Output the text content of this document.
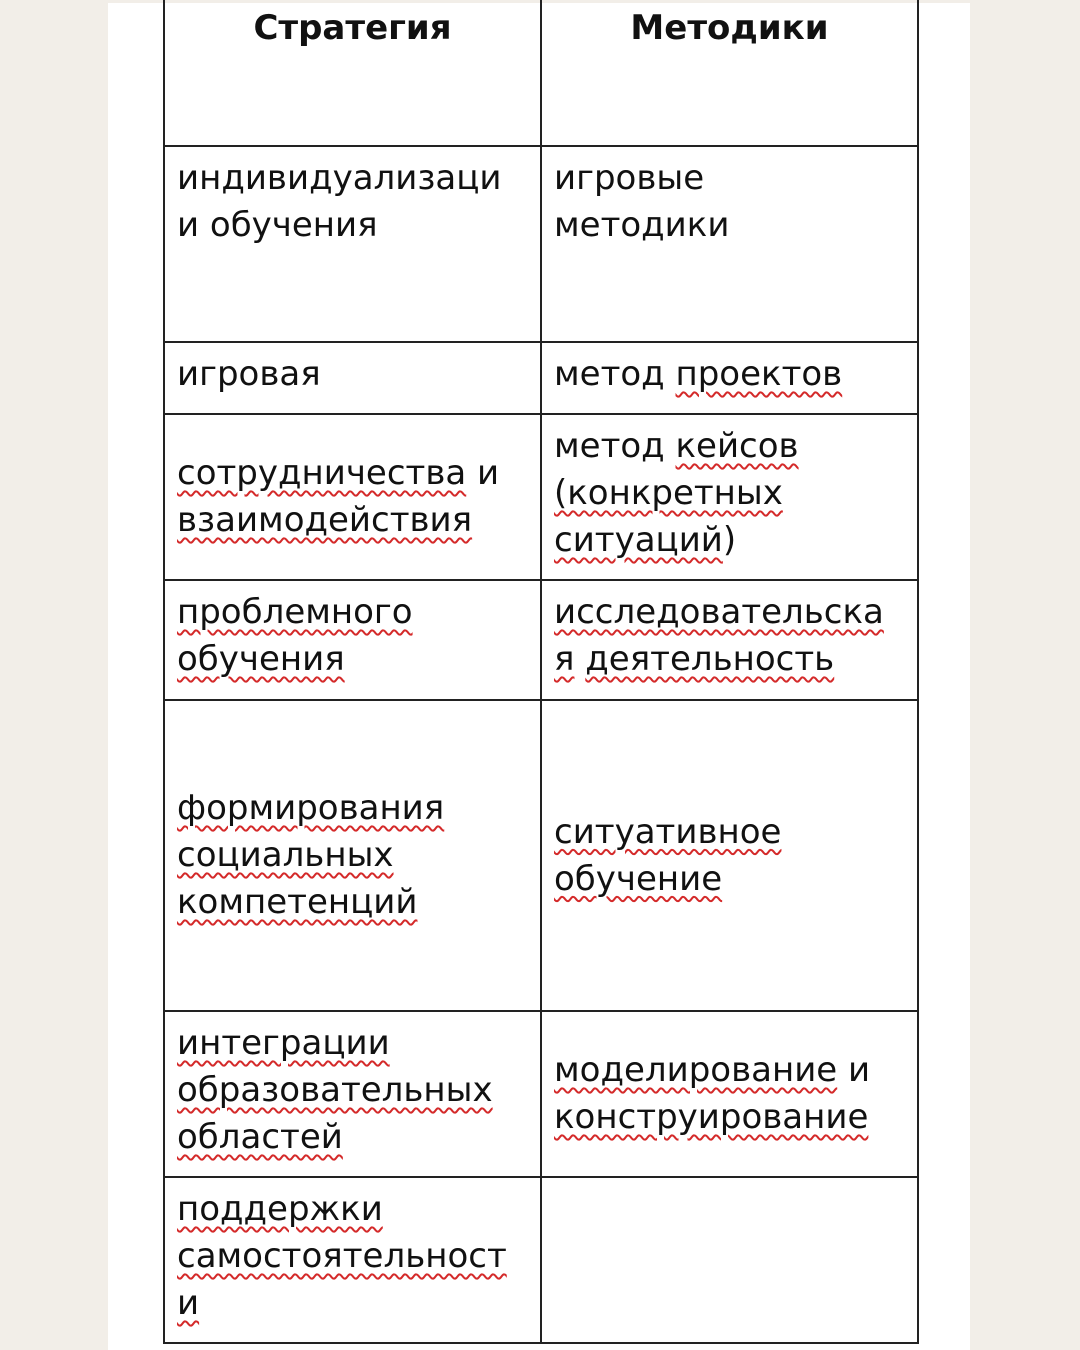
Стратегия	Методики

индивидуализаци
и обучения	игровые
методики

игровая	метод проектов

сотрудничества и
взаимодействия	метод кейсов
(конкретных
ситуаций)

проблемного
обучения	исследовательска
я деятельность

формирования
социальных
компетенций	ситуативное
обучение

интеграции
образовательных
областей	моделирование и
конструирование

поддержки
самостоятельност
и	
